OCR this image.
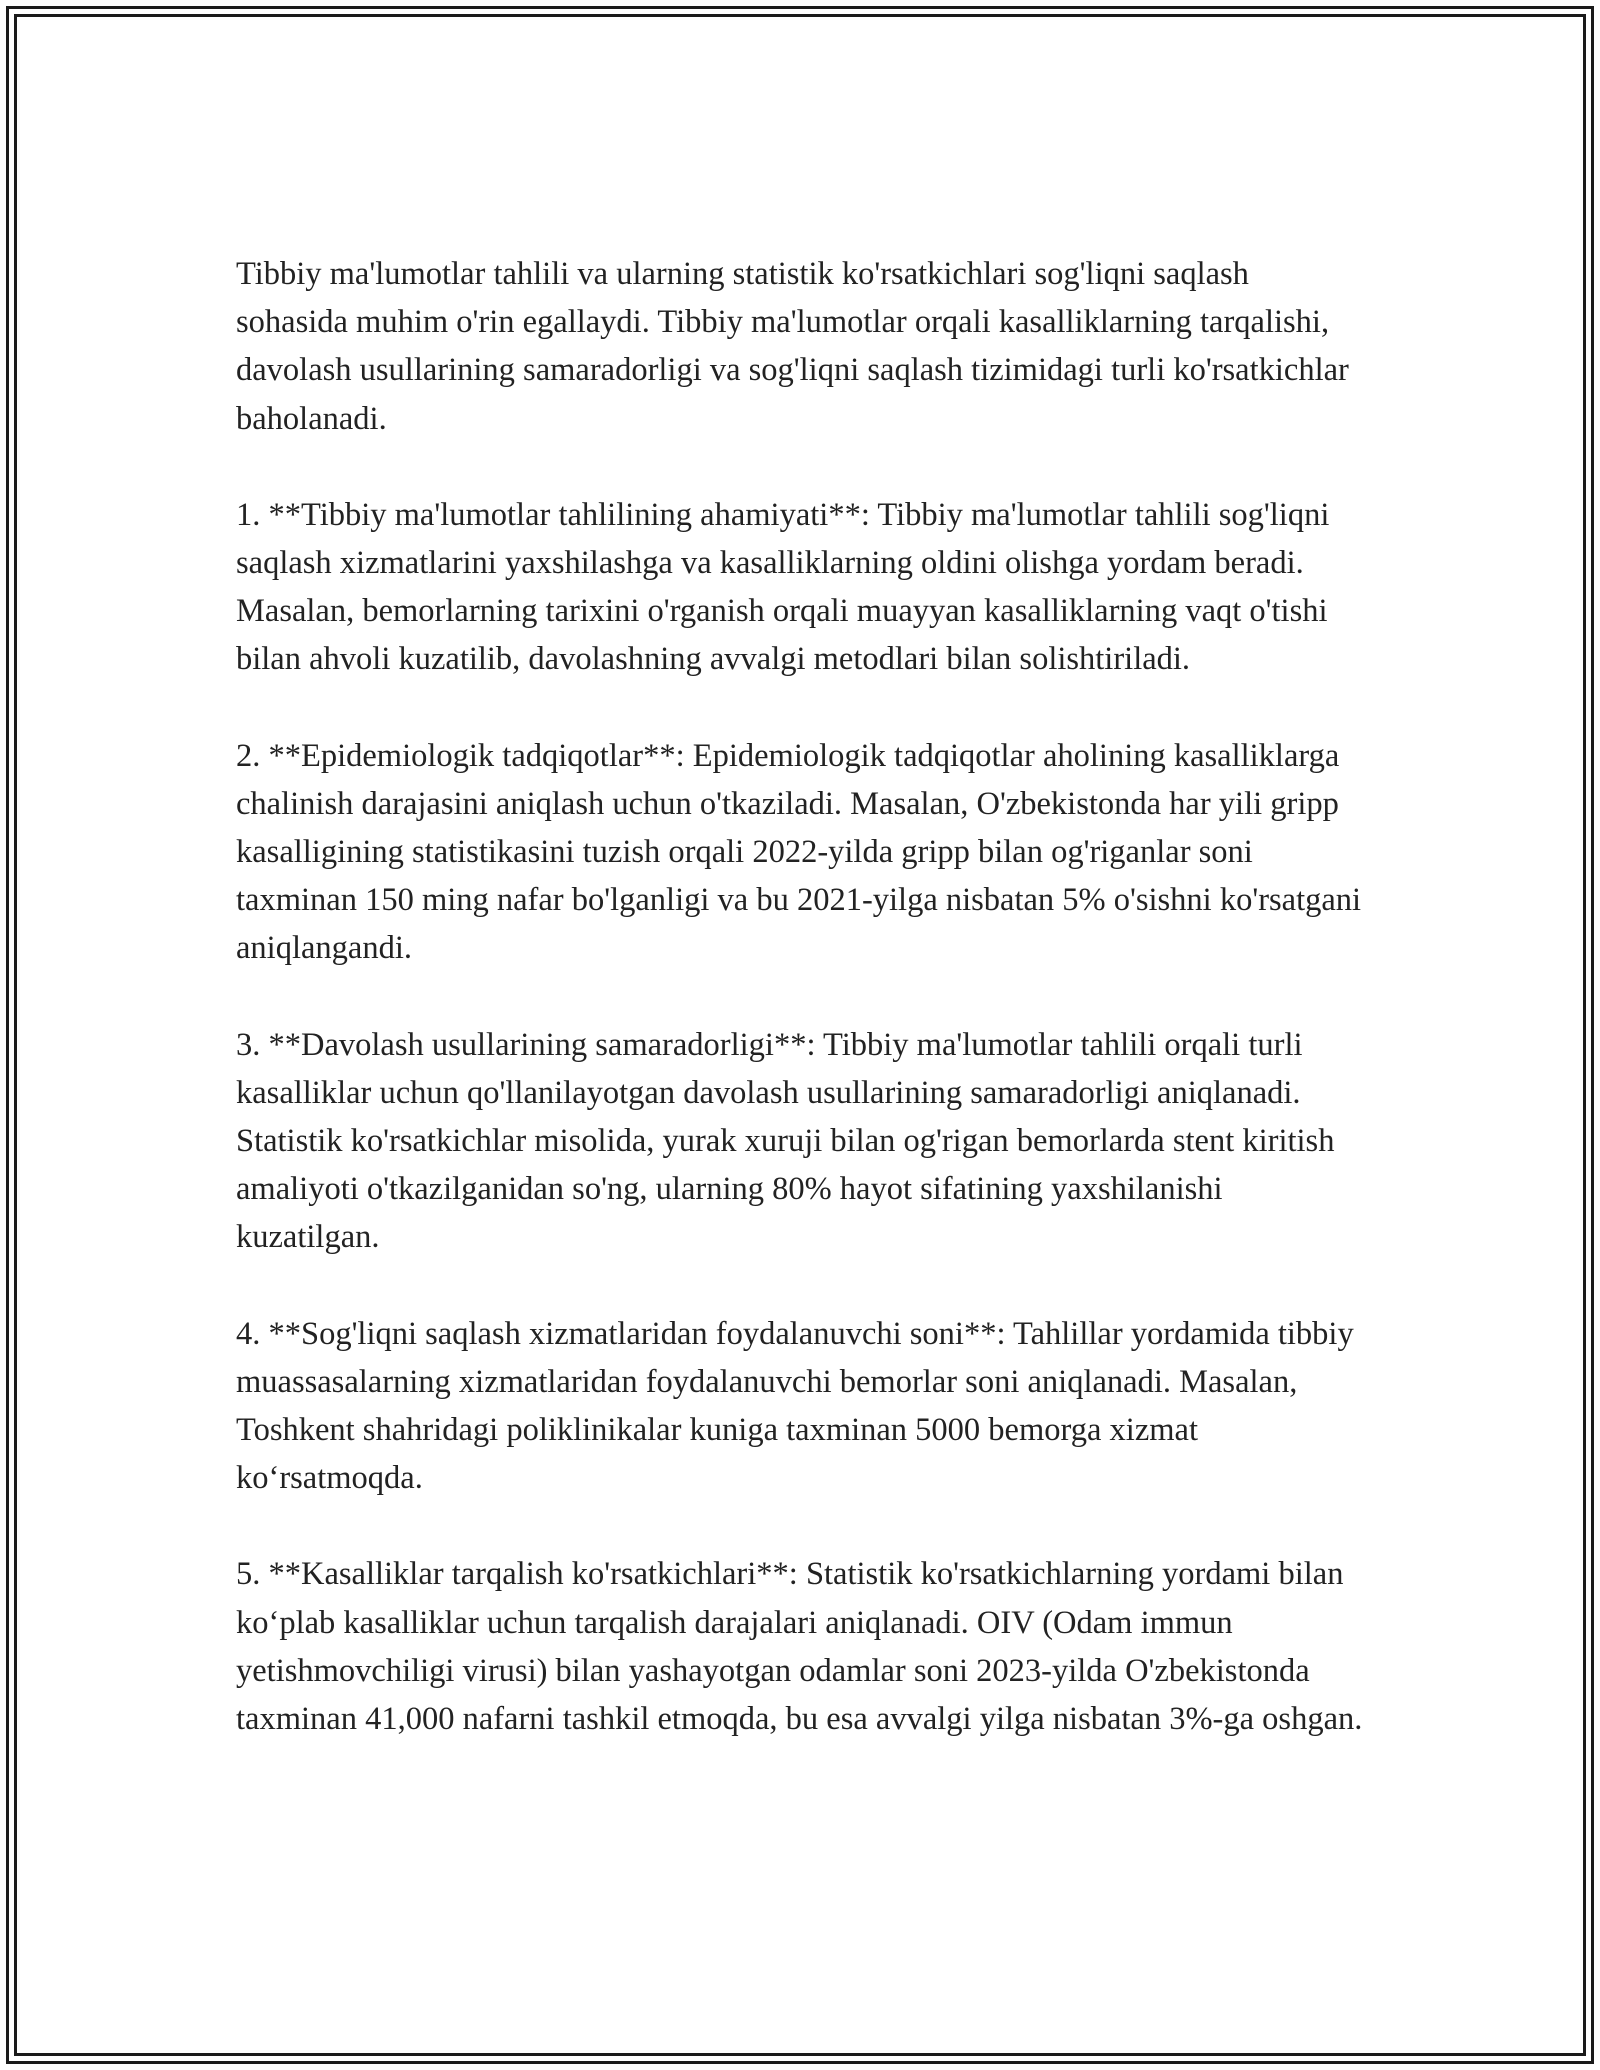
Tibbiy ma'lumotlar tahlili va ularning statistik ko'rsatkichlari sog'liqni saqlash sohasida muhim o'rin egallaydi. Tibbiy ma'lumotlar orqali kasalliklarning tarqalishi, davolash usullarining samaradorligi va sog'liqni saqlash tizimidagi turli ko'rsatkichlar baholanadi.

1. **Tibbiy ma'lumotlar tahlilining ahamiyati**: Tibbiy ma'lumotlar tahlili sog'liqni saqlash xizmatlarini yaxshilashga va kasalliklarning oldini olishga yordam beradi. Masalan, bemorlarning tarixini o'rganish orqali muayyan kasalliklarning vaqt o'tishi bilan ahvoli kuzatilib, davolashning avvalgi metodlari bilan solishtiriladi.

2. **Epidemiologik tadqiqotlar**: Epidemiologik tadqiqotlar aholining kasalliklarga chalinish darajasini aniqlash uchun o'tkaziladi. Masalan, O'zbekistonda har yili gripp kasalligining statistikasini tuzish orqali 2022-yilda gripp bilan og'riganlar soni taxminan 150 ming nafar bo'lganligi va bu 2021-yilga nisbatan 5% o'sishni ko'rsatgani aniqlangandi.

3. **Davolash usullarining samaradorligi**: Tibbiy ma'lumotlar tahlili orqali turli kasalliklar uchun qo'llanilayotgan davolash usullarining samaradorligi aniqlanadi. Statistik ko'rsatkichlar misolida, yurak xuruji bilan og'rigan bemorlarda stent kiritish amaliyoti o'tkazilganidan so'ng, ularning 80% hayot sifatining yaxshilanishi kuzatilgan.

4. **Sog'liqni saqlash xizmatlaridan foydalanuvchi soni**: Tahlillar yordamida tibbiy muassasalarning xizmatlaridan foydalanuvchi bemorlar soni aniqlanadi. Masalan, Toshkent shahridagi poliklinikalar kuniga taxminan 5000 bemorga xizmat ko‘rsatmoqda.

5. **Kasalliklar tarqalish ko'rsatkichlari**: Statistik ko'rsatkichlarning yordami bilan ko‘plab kasalliklar uchun tarqalish darajalari aniqlanadi. OIV (Odam immun yetishmovchiligi virusi) bilan yashayotgan odamlar soni 2023-yilda O'zbekistonda taxminan 41,000 nafarni tashkil etmoqda, bu esa avvalgi yilga nisbatan 3%-ga oshgan.
